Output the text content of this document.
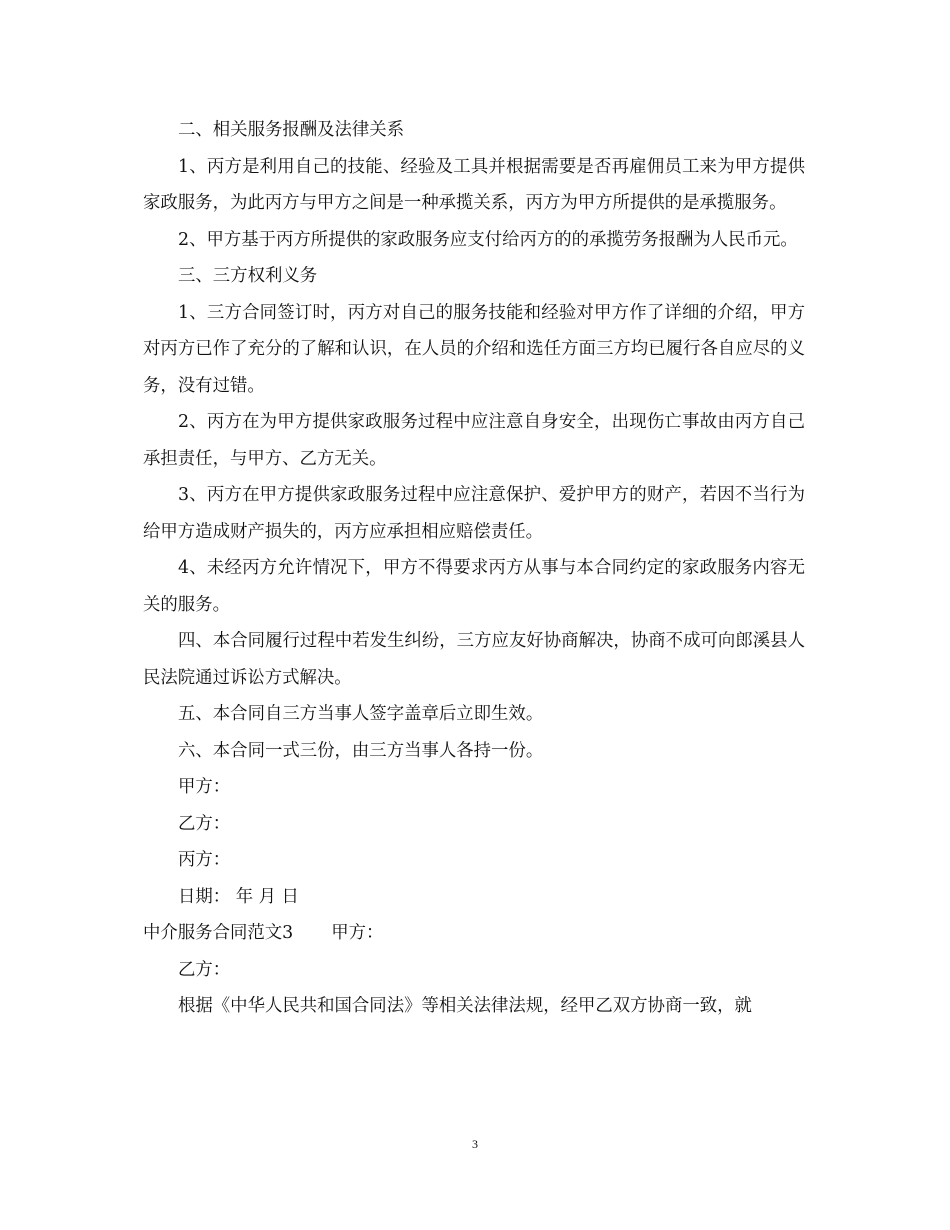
二、相关服务报酬及法律关系

1、丙方是利用自己的技能、经验及工具并根据需要是否再雇佣员工来为甲方提供家政服务，为此丙方与甲方之间是一种承揽关系，丙方为甲方所提供的是承揽服务。

2、甲方基于丙方所提供的家政服务应支付给丙方的的承揽劳务报酬为人民币元。

三、三方权利义务

1、三方合同签订时，丙方对自己的服务技能和经验对甲方作了详细的介绍，甲方对丙方已作了充分的了解和认识，在人员的介绍和选任方面三方均已履行各自应尽的义务，没有过错。

2、丙方在为甲方提供家政服务过程中应注意自身安全，出现伤亡事故由丙方自己承担责任，与甲方、乙方无关。

3、丙方在甲方提供家政服务过程中应注意保护、爱护甲方的财产，若因不当行为给甲方造成财产损失的，丙方应承担相应赔偿责任。

4、未经丙方允许情况下，甲方不得要求丙方从事与本合同约定的家政服务内容无关的服务。

四、本合同履行过程中若发生纠纷，三方应友好协商解决，协商不成可向郎溪县人民法院通过诉讼方式解决。

五、本合同自三方当事人签字盖章后立即生效。

六、本合同一式三份，由三方当事人各持一份。

甲方：

乙方：

丙方：

日期： 年 月 日

中介服务合同范文3 甲方：

乙方：

根据《中华人民共和国合同法》等相关法律法规，经甲乙双方协商一致，就

3
